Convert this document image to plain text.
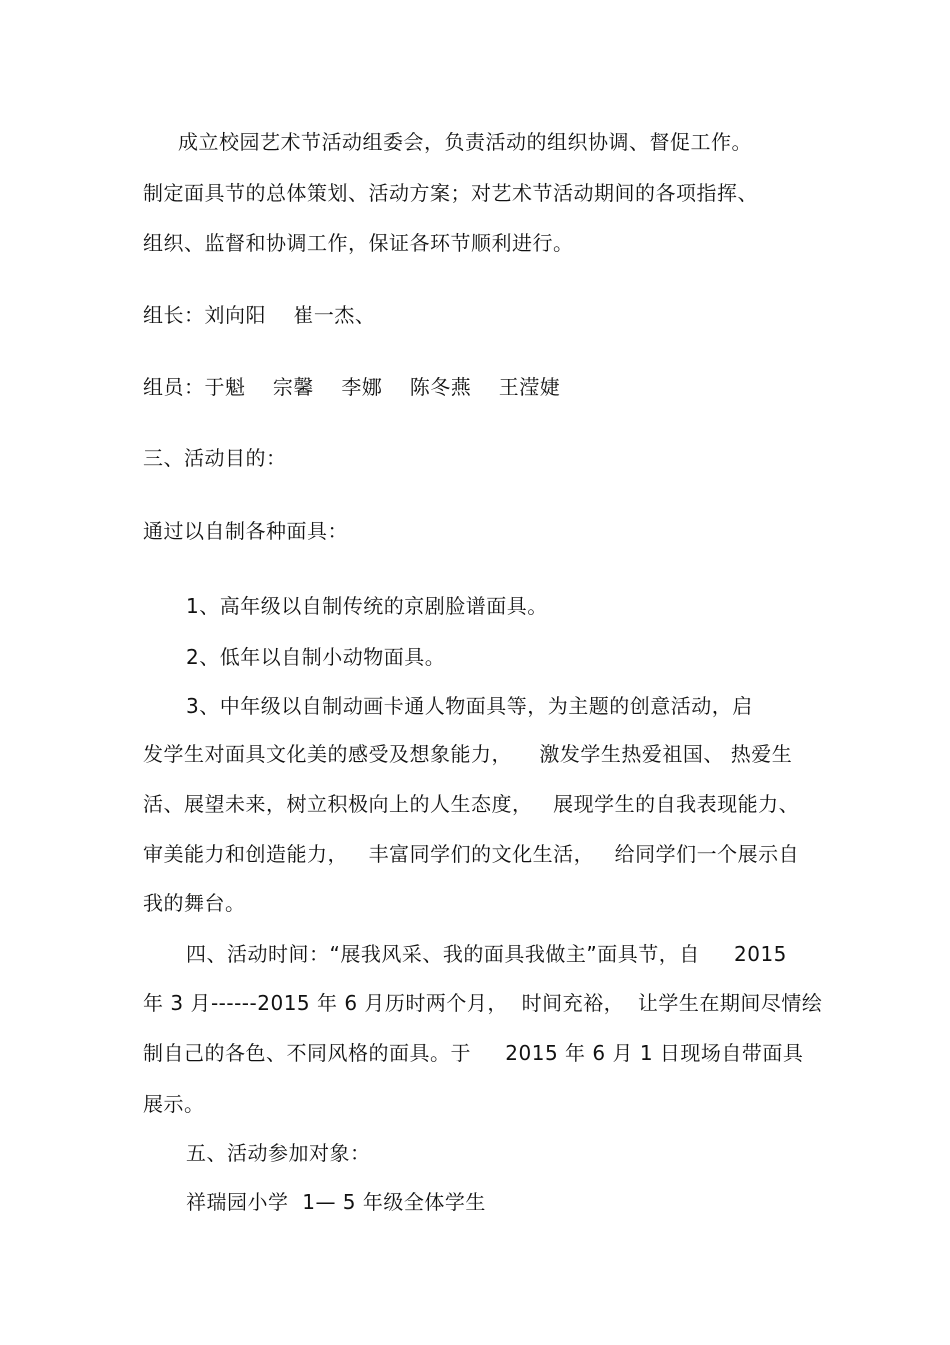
成立校园艺术节活动组委会，负责活动的组织协调、督促工作。
制定面具节的总体策划、活动方案；对艺术节活动期间的各项指挥、
组织、监督和协调工作，保证各环节顺利进行。
组长：刘向阳    崔一杰、
组员：于魁    宗馨    李娜    陈冬燕    王滢婕
三、活动目的：
通过以自制各种面具：
1、高年级以自制传统的京剧脸谱面具。
2、低年以自制小动物面具。
3、中年级以自制动画卡通人物面具等，为主题的创意活动，启
发学生对面具文化美的感受及想象能力，    激发学生热爱祖国、 热爱生
活、展望未来，树立积极向上的人生态度，   展现学生的自我表现能力、
审美能力和创造能力，   丰富同学们的文化生活，   给同学们一个展示自
我的舞台。
四、活动时间：“展我风采、我的面具我做主”面具节，自     2015
年 3 月------2015 年 6 月历时两个月，  时间充裕，  让学生在期间尽情绘
制自己的各色、不同风格的面具。于     2015 年 6 月 1 日现场自带面具
展示。
五、活动参加对象：
祥瑞园小学  1— 5 年级全体学生
